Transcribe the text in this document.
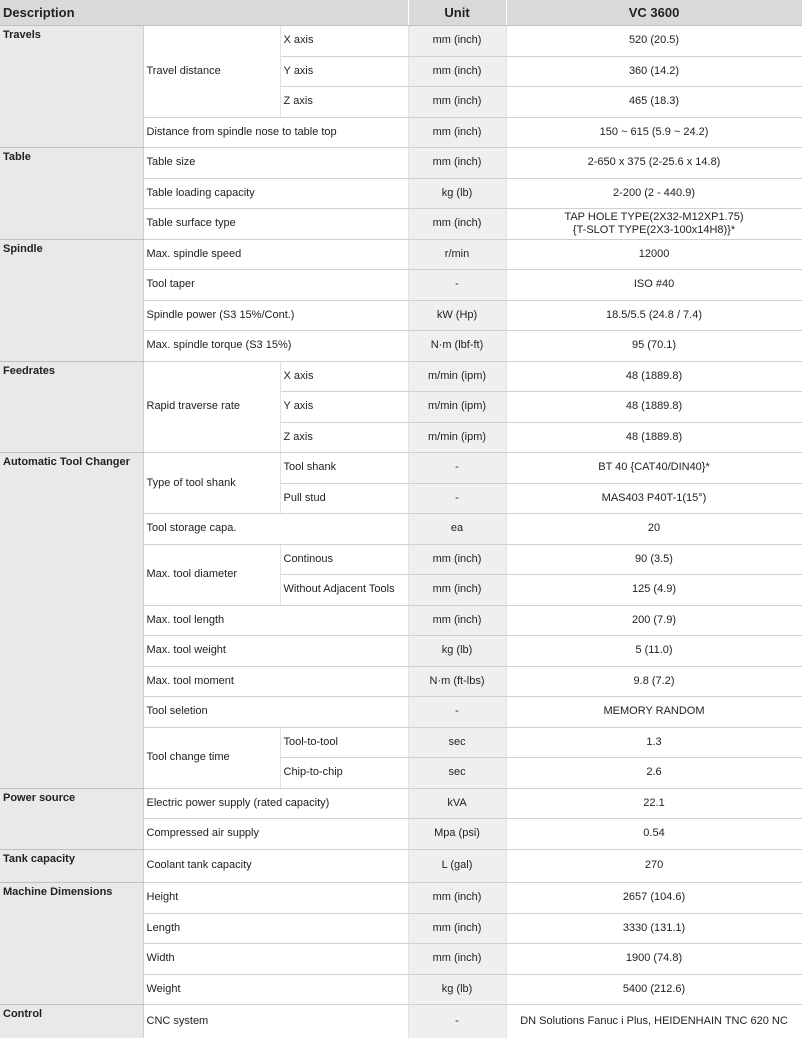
Description			Unit	VC 3600
Travels	Travel distance	X axis	mm (inch)	520 (20.5)
		Y axis	mm (inch)	360 (14.2)
		Z axis	mm (inch)	465 (18.3)
	Distance from spindle nose to table top		mm (inch)	150 ~ 615 (5.9 ~ 24.2)
Table	Table size		mm (inch)	2-650 x 375 (2-25.6 x 14.8)
	Table loading capacity		kg (lb)	2-200 (2 - 440.9)
	Table surface type		mm (inch)	TAP HOLE TYPE(2X32-M12XP1.75)
{T-SLOT TYPE(2X3-100x14H8)}*
Spindle	Max. spindle speed		r/min	12000
	Tool taper		-	ISO #40
	Spindle power (S3 15%/Cont.)		kW (Hp)	18.5/5.5 (24.8 / 7.4)
	Max. spindle torque (S3 15%)		N·m (lbf-ft)	95 (70.1)
Feedrates	Rapid traverse rate	X axis	m/min (ipm)	48 (1889.8)
		Y axis	m/min (ipm)	48 (1889.8)
		Z axis	m/min (ipm)	48 (1889.8)
Automatic Tool Changer	Type of tool shank	Tool shank	-	BT 40 {CAT40/DIN40}*
		Pull stud	-	MAS403 P40T-1(15°)
	Tool storage capa.		ea	20
	Max. tool diameter	Continous	mm (inch)	90 (3.5)
		Without Adjacent Tools	mm (inch)	125 (4.9)
	Max. tool length		mm (inch)	200 (7.9)
	Max. tool weight		kg (lb)	5 (11.0)
	Max. tool moment		N·m (ft-lbs)	9.8 (7.2)
	Tool seletion		-	MEMORY RANDOM
	Tool change time	Tool-to-tool	sec	1.3
		Chip-to-chip	sec	2.6
Power source	Electric power supply (rated capacity)		kVA	22.1
	Compressed air supply		Mpa (psi)	0.54
Tank capacity	Coolant tank capacity		L (gal)	270
Machine Dimensions	Height		mm (inch)	2657 (104.6)
	Length		mm (inch)	3330 (131.1)
	Width		mm (inch)	1900 (74.8)
	Weight		kg (lb)	5400 (212.6)
Control	CNC system		-	DN Solutions Fanuc i Plus, HEIDENHAIN TNC 620 NC
